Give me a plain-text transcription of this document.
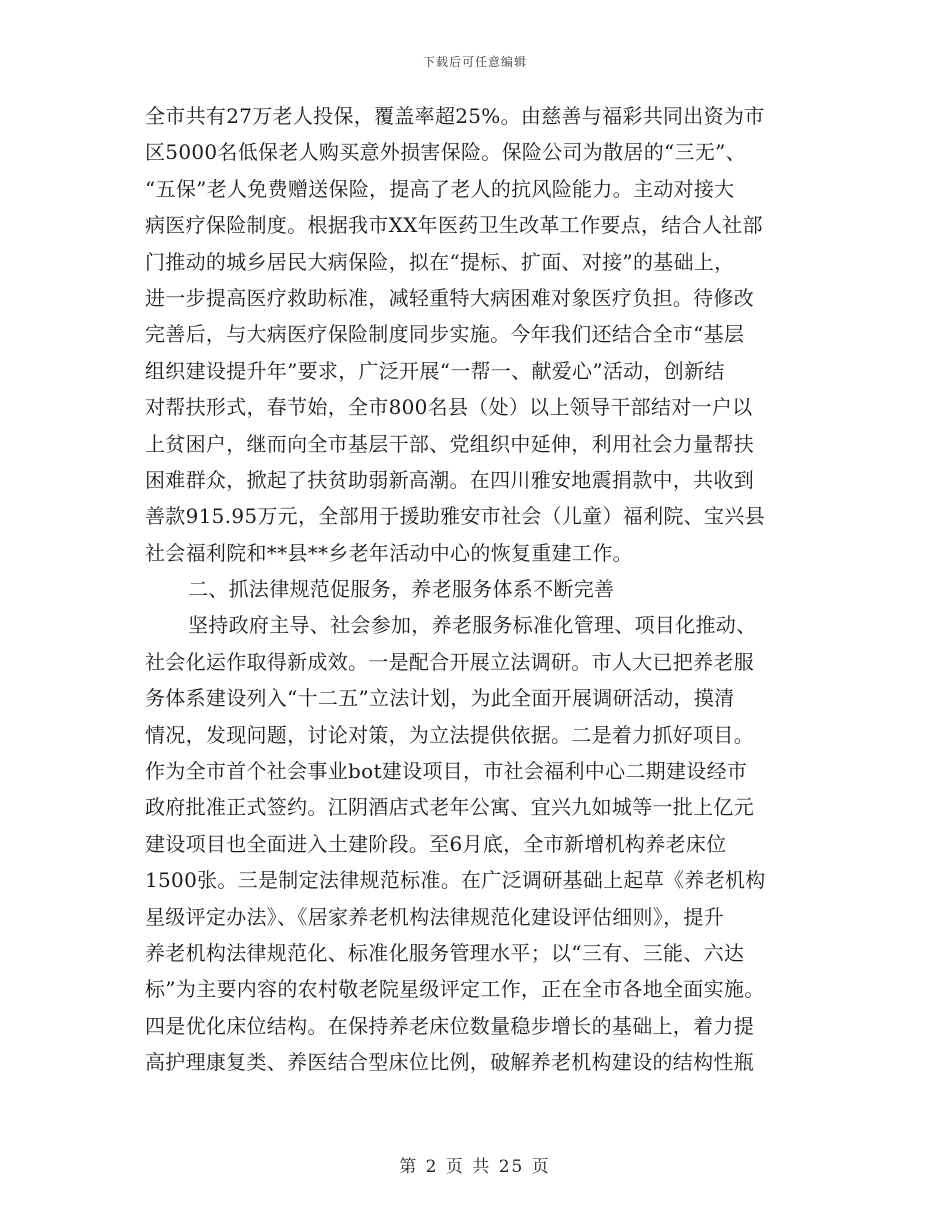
下载后可任意编辑
全市共有27万老人投保，覆盖率超25%。由慈善与福彩共同出资为市
区5000名低保老人购买意外损害保险。保险公司为散居的“三无”、
“五保”老人免费赠送保险，提高了老人的抗风险能力。主动对接大
病医疗保险制度。根据我市XX年医药卫生改革工作要点，结合人社部
门推动的城乡居民大病保险，拟在“提标、扩面、对接”的基础上，
进一步提高医疗救助标准，减轻重特大病困难对象医疗负担。待修改
完善后，与大病医疗保险制度同步实施。今年我们还结合全市“基层
组织建设提升年”要求，广泛开展“一帮一、献爱心”活动，创新结
对帮扶形式，春节始，全市800名县（处）以上领导干部结对一户以
上贫困户，继而向全市基层干部、党组织中延伸，利用社会力量帮扶
困难群众，掀起了扶贫助弱新高潮。在四川雅安地震捐款中，共收到
善款915.95万元，全部用于援助雅安市社会（儿童）福利院、宝兴县
社会福利院和**县**乡老年活动中心的恢复重建工作。
二、抓法律规范促服务，养老服务体系不断完善
坚持政府主导、社会参加，养老服务标准化管理、项目化推动、
社会化运作取得新成效。一是配合开展立法调研。市人大已把养老服
务体系建设列入“十二五”立法计划，为此全面开展调研活动，摸清
情况，发现问题，讨论对策，为立法提供依据。二是着力抓好项目。
作为全市首个社会事业bot建设项目，市社会福利中心二期建设经市
政府批准正式签约。江阴酒店式老年公寓、宜兴九如城等一批上亿元
建设项目也全面进入土建阶段。至6月底，全市新增机构养老床位
1500张。三是制定法律规范标准。在广泛调研基础上起草《养老机构
星级评定办法》、《居家养老机构法律规范化建设评估细则》，提升
养老机构法律规范化、标准化服务管理水平；以“三有、三能、六达
标”为主要内容的农村敬老院星级评定工作，正在全市各地全面实施。
四是优化床位结构。在保持养老床位数量稳步增长的基础上，着力提
高护理康复类、养医结合型床位比例，破解养老机构建设的结构性瓶
第 2 页 共 25 页
